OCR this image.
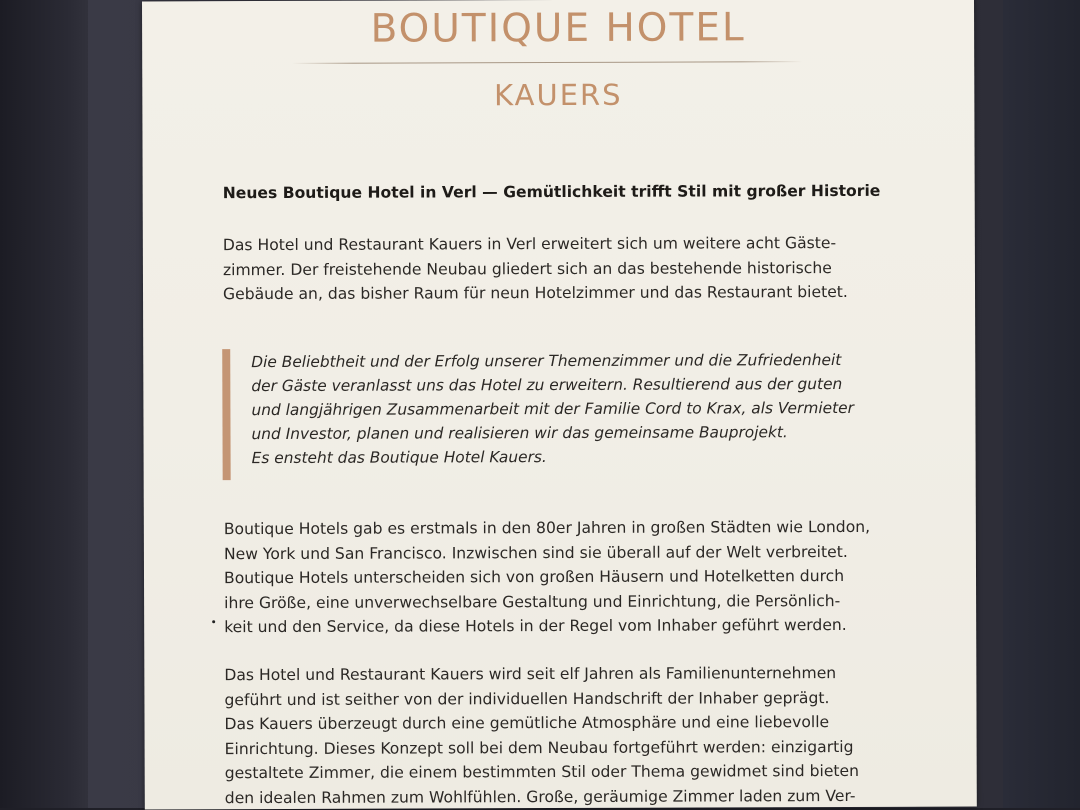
BOUTIQUE HOTEL
KAUERS
Neues Boutique Hotel in Verl — Gemütlichkeit trifft Stil mit großer Historie
Das Hotel und Restaurant Kauers in Verl erweitert sich um weitere acht Gäste-
zimmer. Der freistehende Neubau gliedert sich an das bestehende historische
Gebäude an, das bisher Raum für neun Hotelzimmer und das Restaurant bietet.
Die Beliebtheit und der Erfolg unserer Themenzimmer und die Zufriedenheit
der Gäste veranlasst uns das Hotel zu erweitern. Resultierend aus der guten
und langjährigen Zusammenarbeit mit der Familie Cord to Krax, als Vermieter
und Investor, planen und realisieren wir das gemeinsame Bauprojekt.
Es ensteht das Boutique Hotel Kauers.
Boutique Hotels gab es erstmals in den 80er Jahren in großen Städten wie London,
New York und San Francisco. Inzwischen sind sie überall auf der Welt verbreitet.
Boutique Hotels unterscheiden sich von großen Häusern und Hotelketten durch
ihre Größe, eine unverwechselbare Gestaltung und Einrichtung, die Persönlich-
keit und den Service, da diese Hotels in der Regel vom Inhaber geführt werden.
Das Hotel und Restaurant Kauers wird seit elf Jahren als Familienunternehmen
geführt und ist seither von der individuellen Handschrift der Inhaber geprägt.
Das Kauers überzeugt durch eine gemütliche Atmosphäre und eine liebevolle
Einrichtung. Dieses Konzept soll bei dem Neubau fortgeführt werden: einzigartig
gestaltete Zimmer, die einem bestimmten Stil oder Thema gewidmet sind bieten
den idealen Rahmen zum Wohlfühlen. Große, geräumige Zimmer laden zum Ver-
